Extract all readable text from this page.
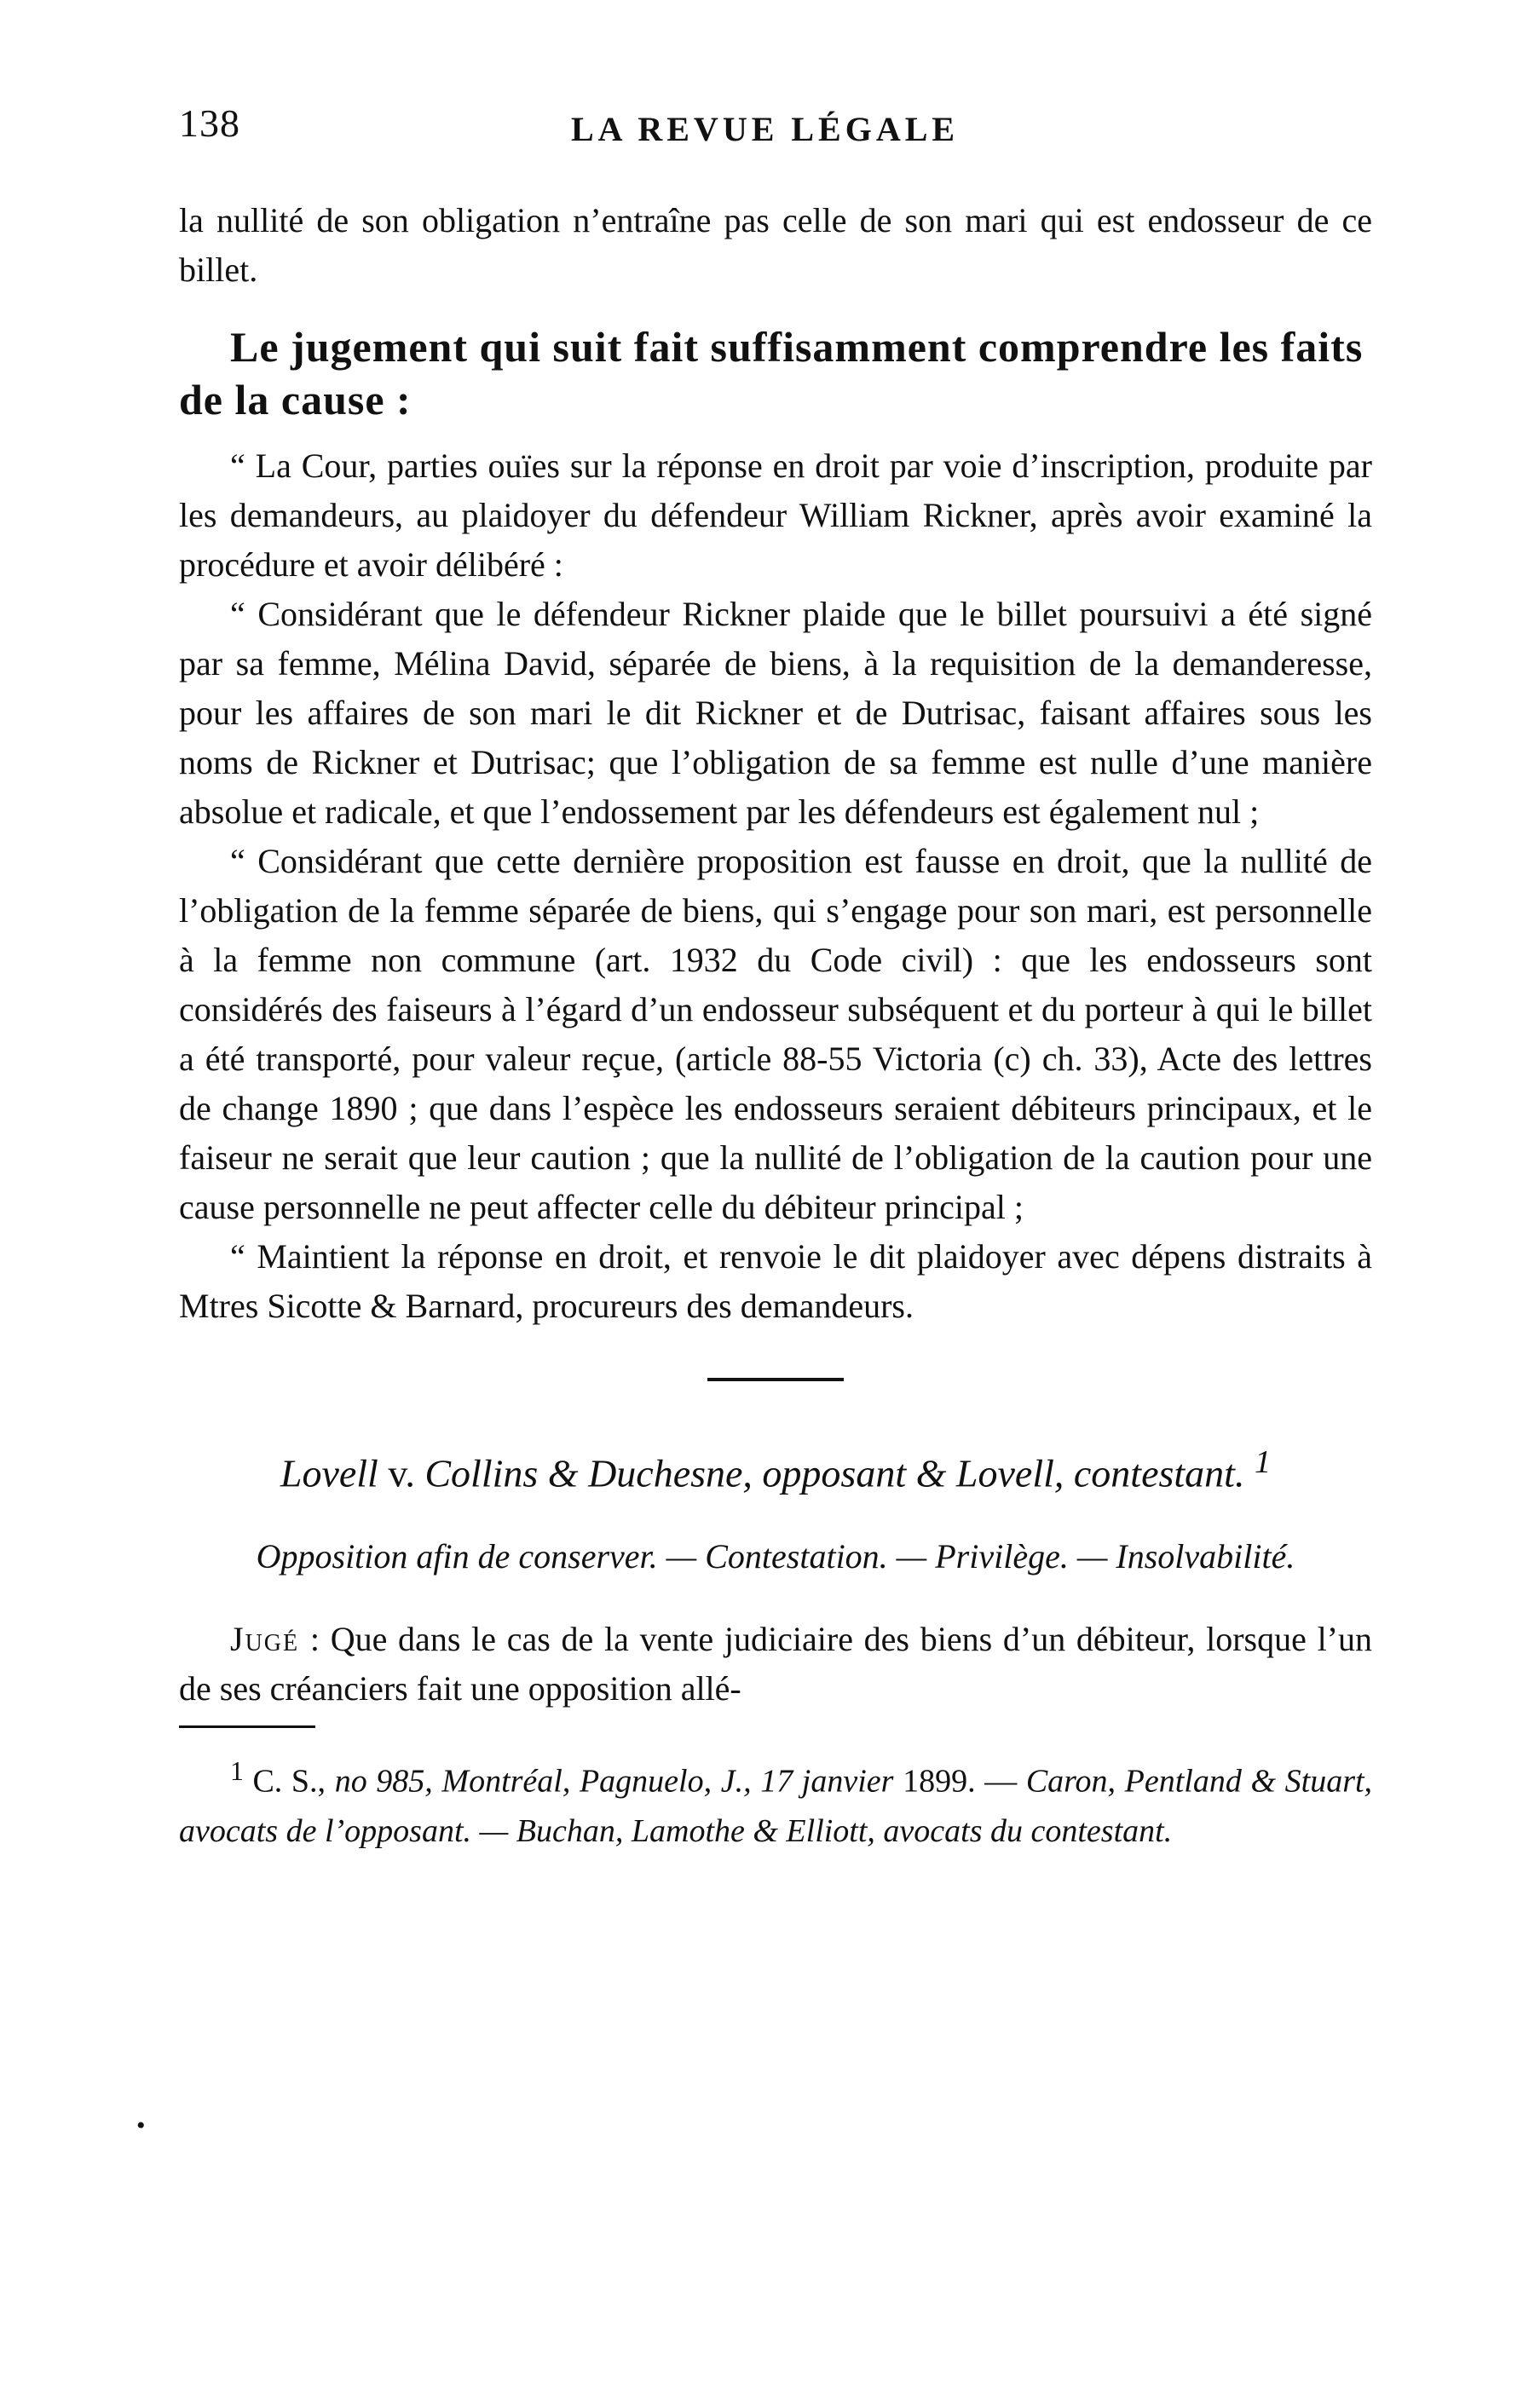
138	LA REVUE LÉGALE

la nullité de son obligation n’entraîne pas celle de son mari qui est endosseur de ce billet.

Le jugement qui suit fait suffisamment comprendre les faits de la cause :

“ La Cour, parties ouïes sur la réponse en droit par voie d’inscription, produite par les demandeurs, au plaidoyer du défendeur William Rickner, après avoir examiné la procédure et avoir délibéré :

“ Considérant que le défendeur Rickner plaide que le billet poursuivi a été signé par sa femme, Mélina David, séparée de biens, à la requisition de la demanderesse, pour les affaires de son mari le dit Rickner et de Dutrisac, faisant affaires sous les noms de Rickner et Dutrisac; que l’obligation de sa femme est nulle d’une manière absolue et radicale, et que l’endossement par les défendeurs est également nul ;

“ Considérant que cette dernière proposition est fausse en droit, que la nullité de l’obligation de la femme séparée de biens, qui s’engage pour son mari, est personnelle à la femme non commune (art. 1932 du Code civil) : que les endosseurs sont considérés des faiseurs à l’égard d’un endosseur subséquent et du porteur à qui le billet a été transporté, pour valeur reçue, (article 88-55 Victoria (c) ch. 33), Acte des lettres de change 1890 ; que dans l’espèce les endosseurs seraient débiteurs principaux, et le faiseur ne serait que leur caution ; que la nullité de l’obligation de la caution pour une cause personnelle ne peut affecter celle du débiteur principal ;

“ Maintient la réponse en droit, et renvoie le dit plaidoyer avec dépens distraits à Mtres Sicotte & Barnard, procureurs des demandeurs.

Lovell v. Collins & Duchesne, opposant & Lovell, contestant. $^1$
Opposition afin de conserver. — Contestation. — Privilège. — Insolvabilité.

Jugé : Que dans le cas de la vente judiciaire des biens d’un débiteur, lorsque l’un de ses créanciers fait une opposition allé-

$^1$ C. S., no 985, Montréal, Pagnuelo, J., 17 janvier 1899. — Caron, Pentland & Stuart, avocats de l’opposant. — Buchan, Lamothe & Elliott, avocats du contestant.

•
